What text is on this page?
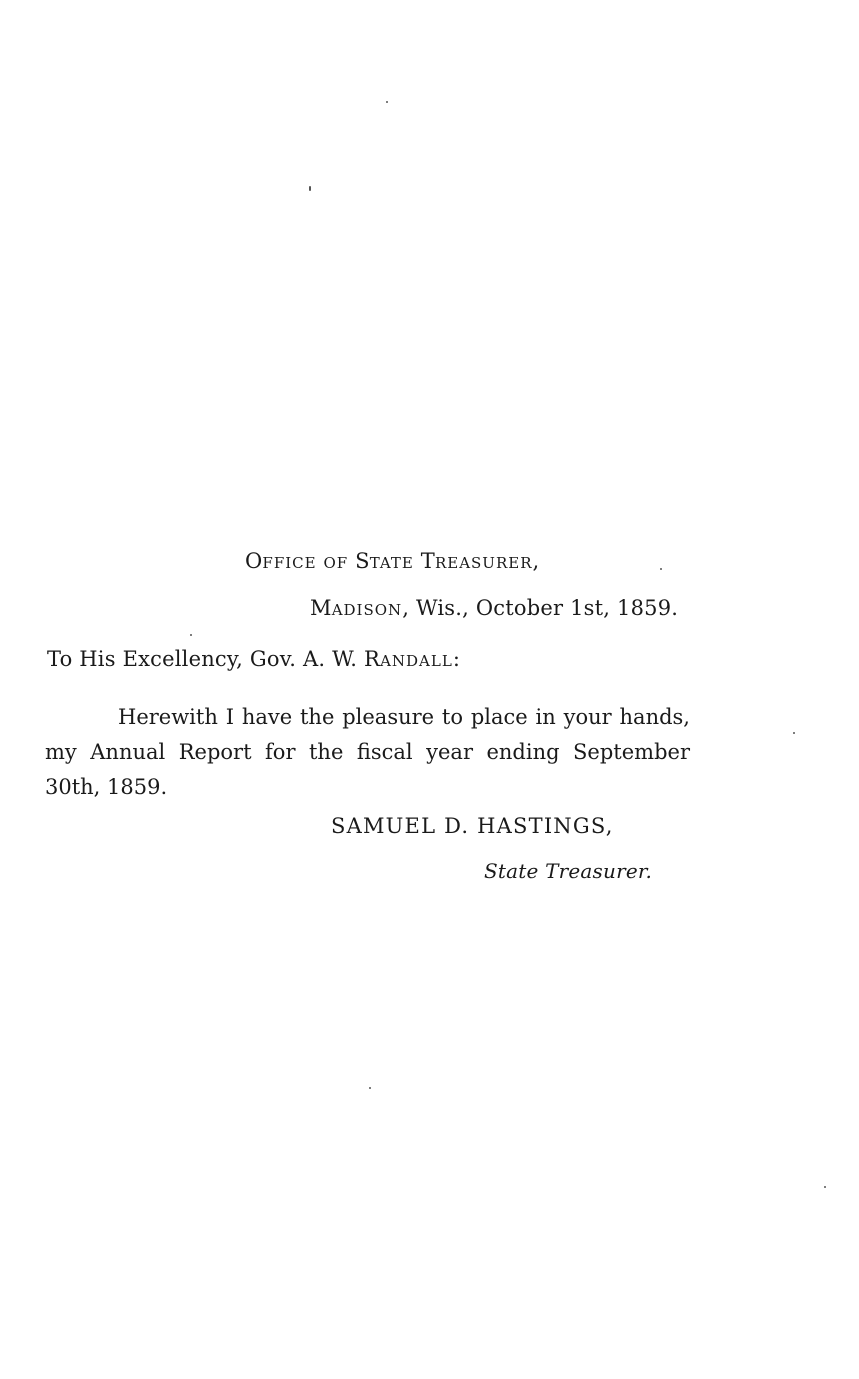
OFFICE OF STATE TREASURER,
MADISON, Wis., October 1st, 1859.
To His Excellency, Gov. A. W. RANDALL:
Herewith I have the pleasure to place in your hands, my Annual Report for the fiscal year ending September 30th, 1859.
SAMUEL D. HASTINGS,
State Treasurer.
